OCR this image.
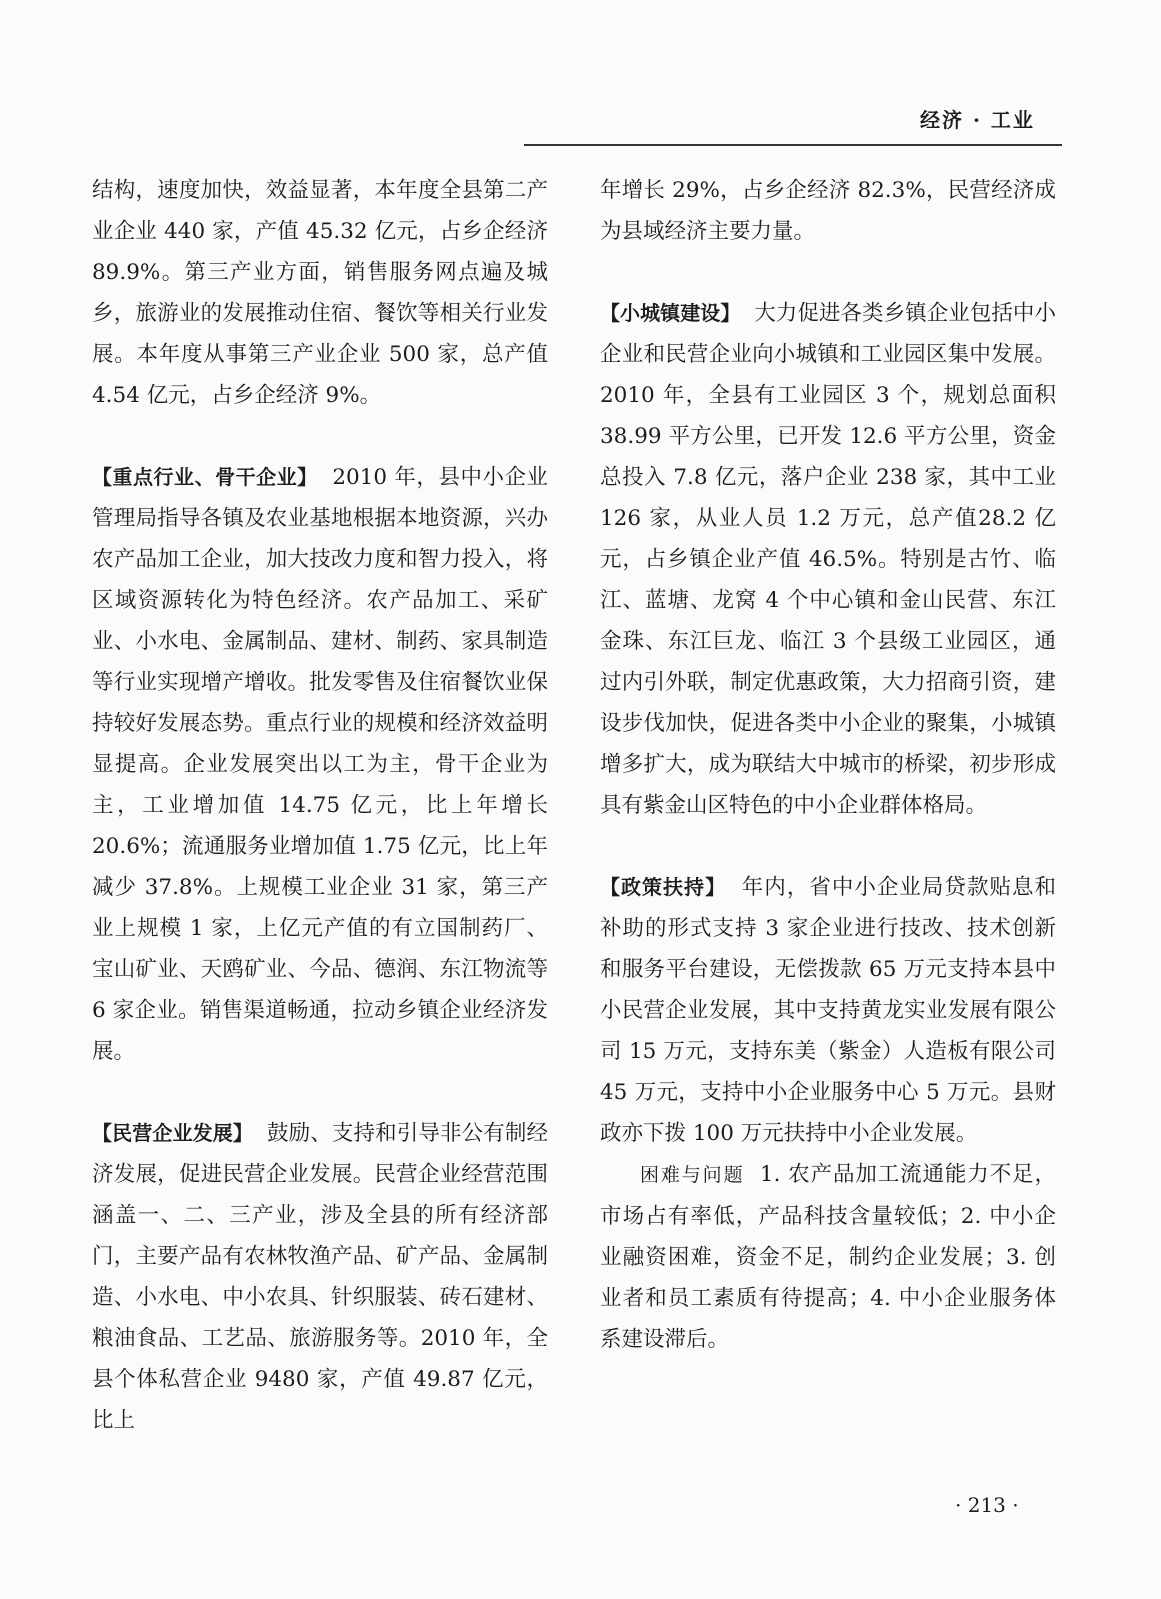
经济 · 工业

结构，速度加快，效益显著，本年度全县第二产业企业 440 家，产值 45.32 亿元，占乡企经济 89.9%。第三产业方面，销售服务网点遍及城乡，旅游业的发展推动住宿、餐饮等相关行业发展。本年度从事第三产业企业 500 家，总产值 4.54 亿元，占乡企经济 9%。

【重点行业、骨干企业】 2010 年，县中小企业管理局指导各镇及农业基地根据本地资源，兴办农产品加工企业，加大技改力度和智力投入，将区域资源转化为特色经济。农产品加工、采矿业、小水电、金属制品、建材、制药、家具制造等行业实现增产增收。批发零售及住宿餐饮业保持较好发展态势。重点行业的规模和经济效益明显提高。企业发展突出以工为主，骨干企业为主，工业增加值 14.75 亿元，比上年增长 20.6%；流通服务业增加值 1.75 亿元，比上年减少 37.8%。上规模工业企业 31 家，第三产业上规模 1 家，上亿元产值的有立国制药厂、宝山矿业、天鸥矿业、今品、德润、东江物流等 6 家企业。销售渠道畅通，拉动乡镇企业经济发展。

【民营企业发展】 鼓励、支持和引导非公有制经济发展，促进民营企业发展。民营企业经营范围涵盖一、二、三产业，涉及全县的所有经济部门，主要产品有农林牧渔产品、矿产品、金属制造、小水电、中小农具、针织服装、砖石建材、粮油食品、工艺品、旅游服务等。2010 年，全县个体私营企业 9480 家，产值 49.87 亿元，比上

年增长 29%，占乡企经济 82.3%，民营经济成为县域经济主要力量。

【小城镇建设】 大力促进各类乡镇企业包括中小企业和民营企业向小城镇和工业园区集中发展。2010 年，全县有工业园区 3 个，规划总面积 38.99 平方公里，已开发 12.6 平方公里，资金总投入 7.8 亿元，落户企业 238 家，其中工业 126 家，从业人员 1.2 万元，总产值28.2 亿元，占乡镇企业产值 46.5%。特别是古竹、临江、蓝塘、龙窝 4 个中心镇和金山民营、东江金珠、东江巨龙、临江 3 个县级工业园区，通过内引外联，制定优惠政策，大力招商引资，建设步伐加快，促进各类中小企业的聚集，小城镇增多扩大，成为联结大中城市的桥梁，初步形成具有紫金山区特色的中小企业群体格局。

【政策扶持】 年内，省中小企业局贷款贴息和补助的形式支持 3 家企业进行技改、技术创新和服务平台建设，无偿拨款 65 万元支持本县中小民营企业发展，其中支持黄龙实业发展有限公司 15 万元，支持东美（紫金）人造板有限公司 45 万元，支持中小企业服务中心 5 万元。县财政亦下拨 100 万元扶持中小企业发展。

困难与问题 1. 农产品加工流通能力不足，市场占有率低，产品科技含量较低；2. 中小企业融资困难，资金不足，制约企业发展；3. 创业者和员工素质有待提高；4. 中小企业服务体系建设滞后。

· 213 ·
